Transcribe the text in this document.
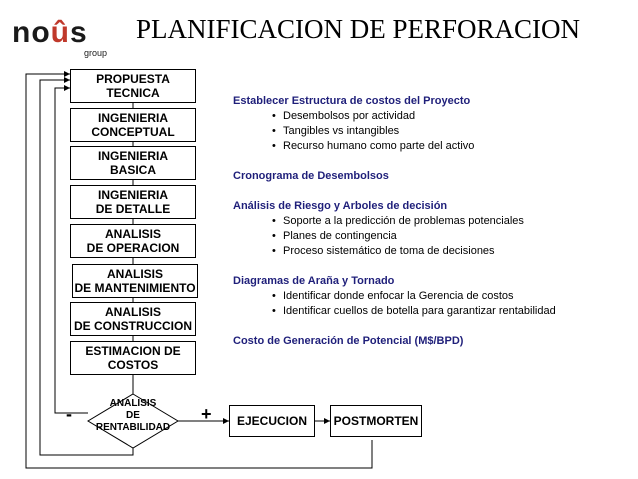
noûs
group
PLANIFICACION DE PERFORACION
PROPUESTA
TECNICA
INGENIERIA
CONCEPTUAL
INGENIERIA
BASICA
INGENIERIA
DE DETALLE
ANALISIS
DE OPERACION
ANALISIS
DE MANTENIMIENTO
ANALISIS
DE CONSTRUCCION
ESTIMACION DE
COSTOS
ANALISIS
DE
RENTABILIDAD
-	+ EJECUCION POSTMORTEN
Establecer Estructura de costos del Proyecto
• Desembolsos por actividad
• Tangibles vs intangibles
• Recurso humano como parte del activo
Cronograma de Desembolsos
Análisis de Riesgo y Arboles de decisión
• Soporte a la predicción de problemas potenciales
• Planes de contingencia
• Proceso sistemático de toma de decisiones
Diagramas de Araña y Tornado
• Identificar donde enfocar la Gerencia de costos
• Identificar cuellos de botella para garantizar rentabilidad
Costo de Generación de Potencial (M$/BPD)
